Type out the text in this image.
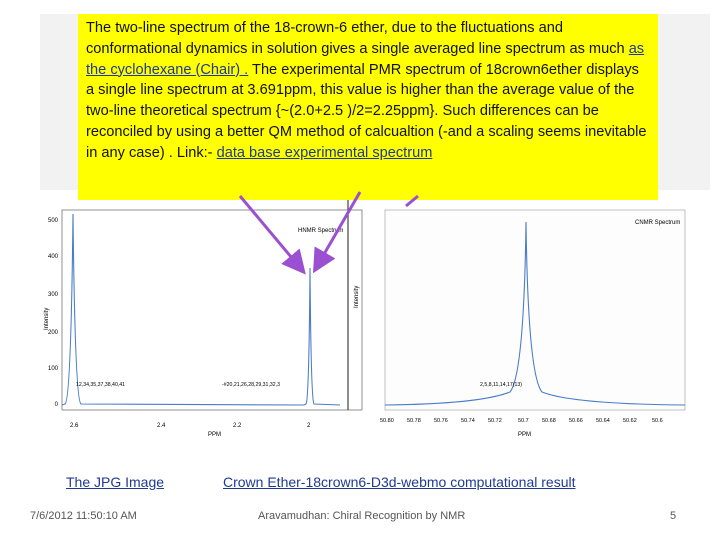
The two-line spectrum of the 18-crown-6 ether, due to the fluctuations and conformational dynamics in solution gives a single averaged line spectrum as much as the cyclohexane (Chair) . The experimental PMR spectrum of 18crown6ether displays a single line spectrum at 3.691ppm, this value is higher than the average value of the two-line theoretical spectrum {~(2.0+2.5 )/2=2.25ppm}. Such differences can be reconciled by using a better QM method of calcualtion (-and a scaling seems inevitable in any case) . Link:- data base experimental spectrum
500
400
300
200
100
0
2.6	2.4	2.2	2
PPM
Intensity
HNMR Spectrum
12,34,35,37,38,40,41	-#20,21,26,28,29,31,32,3
CNMR Spectrum
Intensity
PPM
50.80 50.78 50.76 50.74 50.72	50.7 50.68 50.66 50.64 50.62	50.6
2,5,8,11,14,17(13)
The JPG Image	Crown Ether-18crown6-D3d-webmo computational result
7/6/2012 11:50:10 AM	Aravamudhan: Chiral Recognition by NMR	5
